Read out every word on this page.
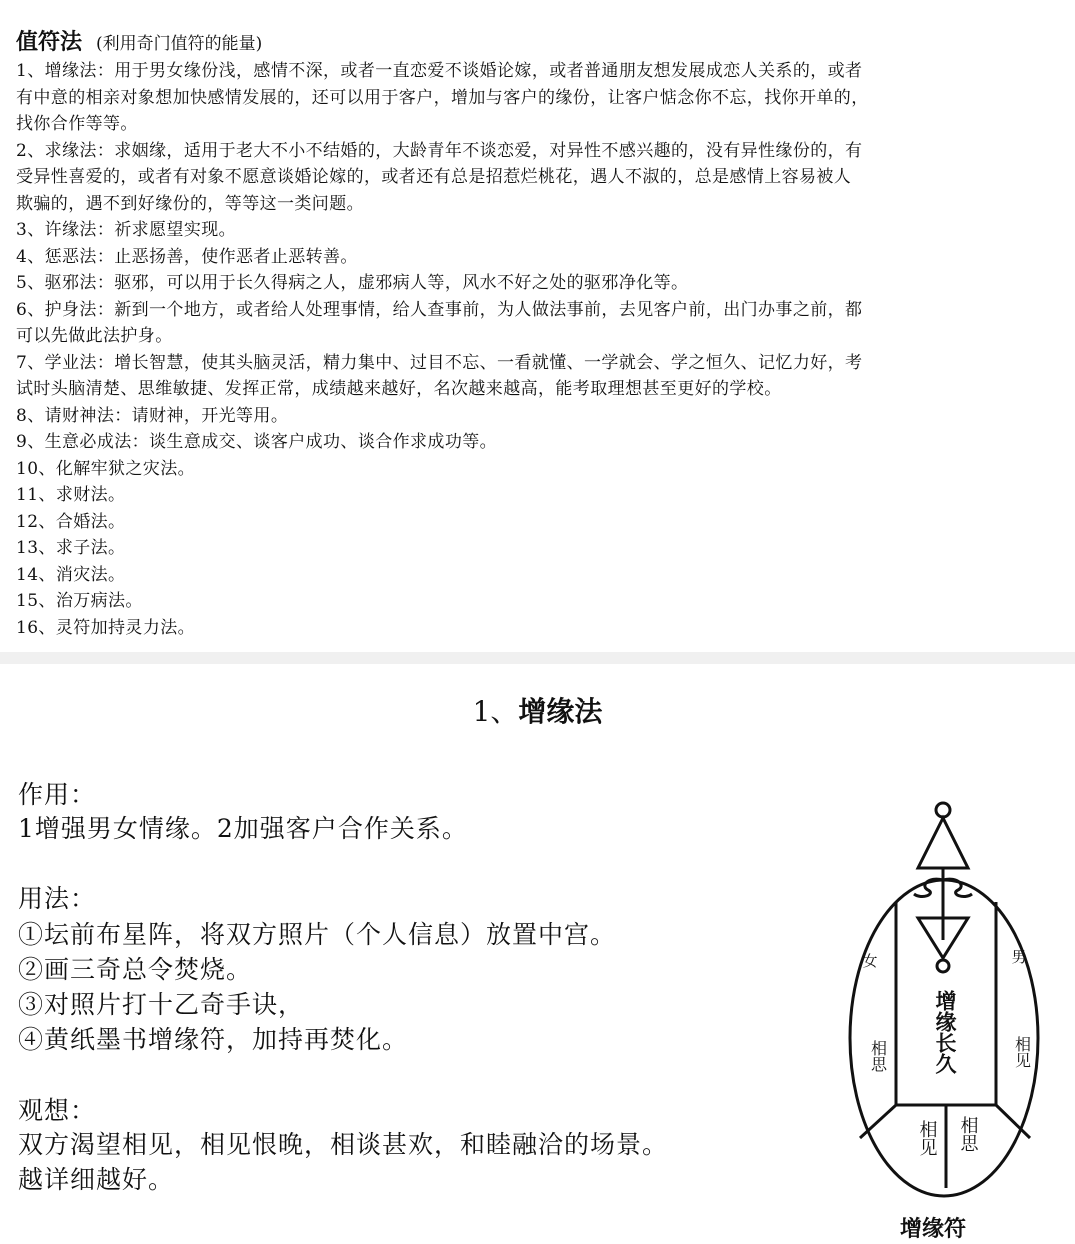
值符法 (利用奇门值符的能量)

1、增缘法：用于男女缘份浅，感情不深，或者一直恋爱不谈婚论嫁，或者普通朋友想发展成恋人关系的，或者

有中意的相亲对象想加快感情发展的，还可以用于客户，增加与客户的缘份，让客户惦念你不忘，找你开单的，

找你合作等等。

2、求缘法：求姻缘，适用于老大不小不结婚的，大龄青年不谈恋爱，对异性不感兴趣的，没有异性缘份的，有

受异性喜爱的，或者有对象不愿意谈婚论嫁的，或者还有总是招惹烂桃花，遇人不淑的，总是感情上容易被人

欺骗的，遇不到好缘份的，等等这一类问题。

3、许缘法：祈求愿望实现。

4、惩恶法：止恶扬善，使作恶者止恶转善。

5、驱邪法：驱邪，可以用于长久得病之人，虚邪病人等，风水不好之处的驱邪净化等。

6、护身法：新到一个地方，或者给人处理事情，给人查事前，为人做法事前，去见客户前，出门办事之前，都

可以先做此法护身。

7、学业法：增长智慧，使其头脑灵活，精力集中、过目不忘、一看就懂、一学就会、学之恒久、记忆力好，考

试时头脑清楚、思维敏捷、发挥正常，成绩越来越好，名次越来越高，能考取理想甚至更好的学校。

8、请财神法：请财神，开光等用。

9、生意必成法：谈生意成交、谈客户成功、谈合作求成功等。

10、化解牢狱之灾法。

11、求财法。

12、合婚法。

13、求子法。

14、消灾法。

15、治万病法。

16、灵符加持灵力法。

1、增缘法
作用：
1增强男女情缘。2加强客户合作关系。
用法：
①坛前布星阵，将双方照片（个人信息）放置中宫。
②画三奇总令焚烧。
③对照片打十乙奇手诀，
④黄纸墨书增缘符，加持再焚化。
观想：
双方渴望相见，相见恨晚，相谈甚欢，和睦融洽的场景。
越详细越好。
女	男
相思	相见
增缘长久
相见 相思
增缘符
